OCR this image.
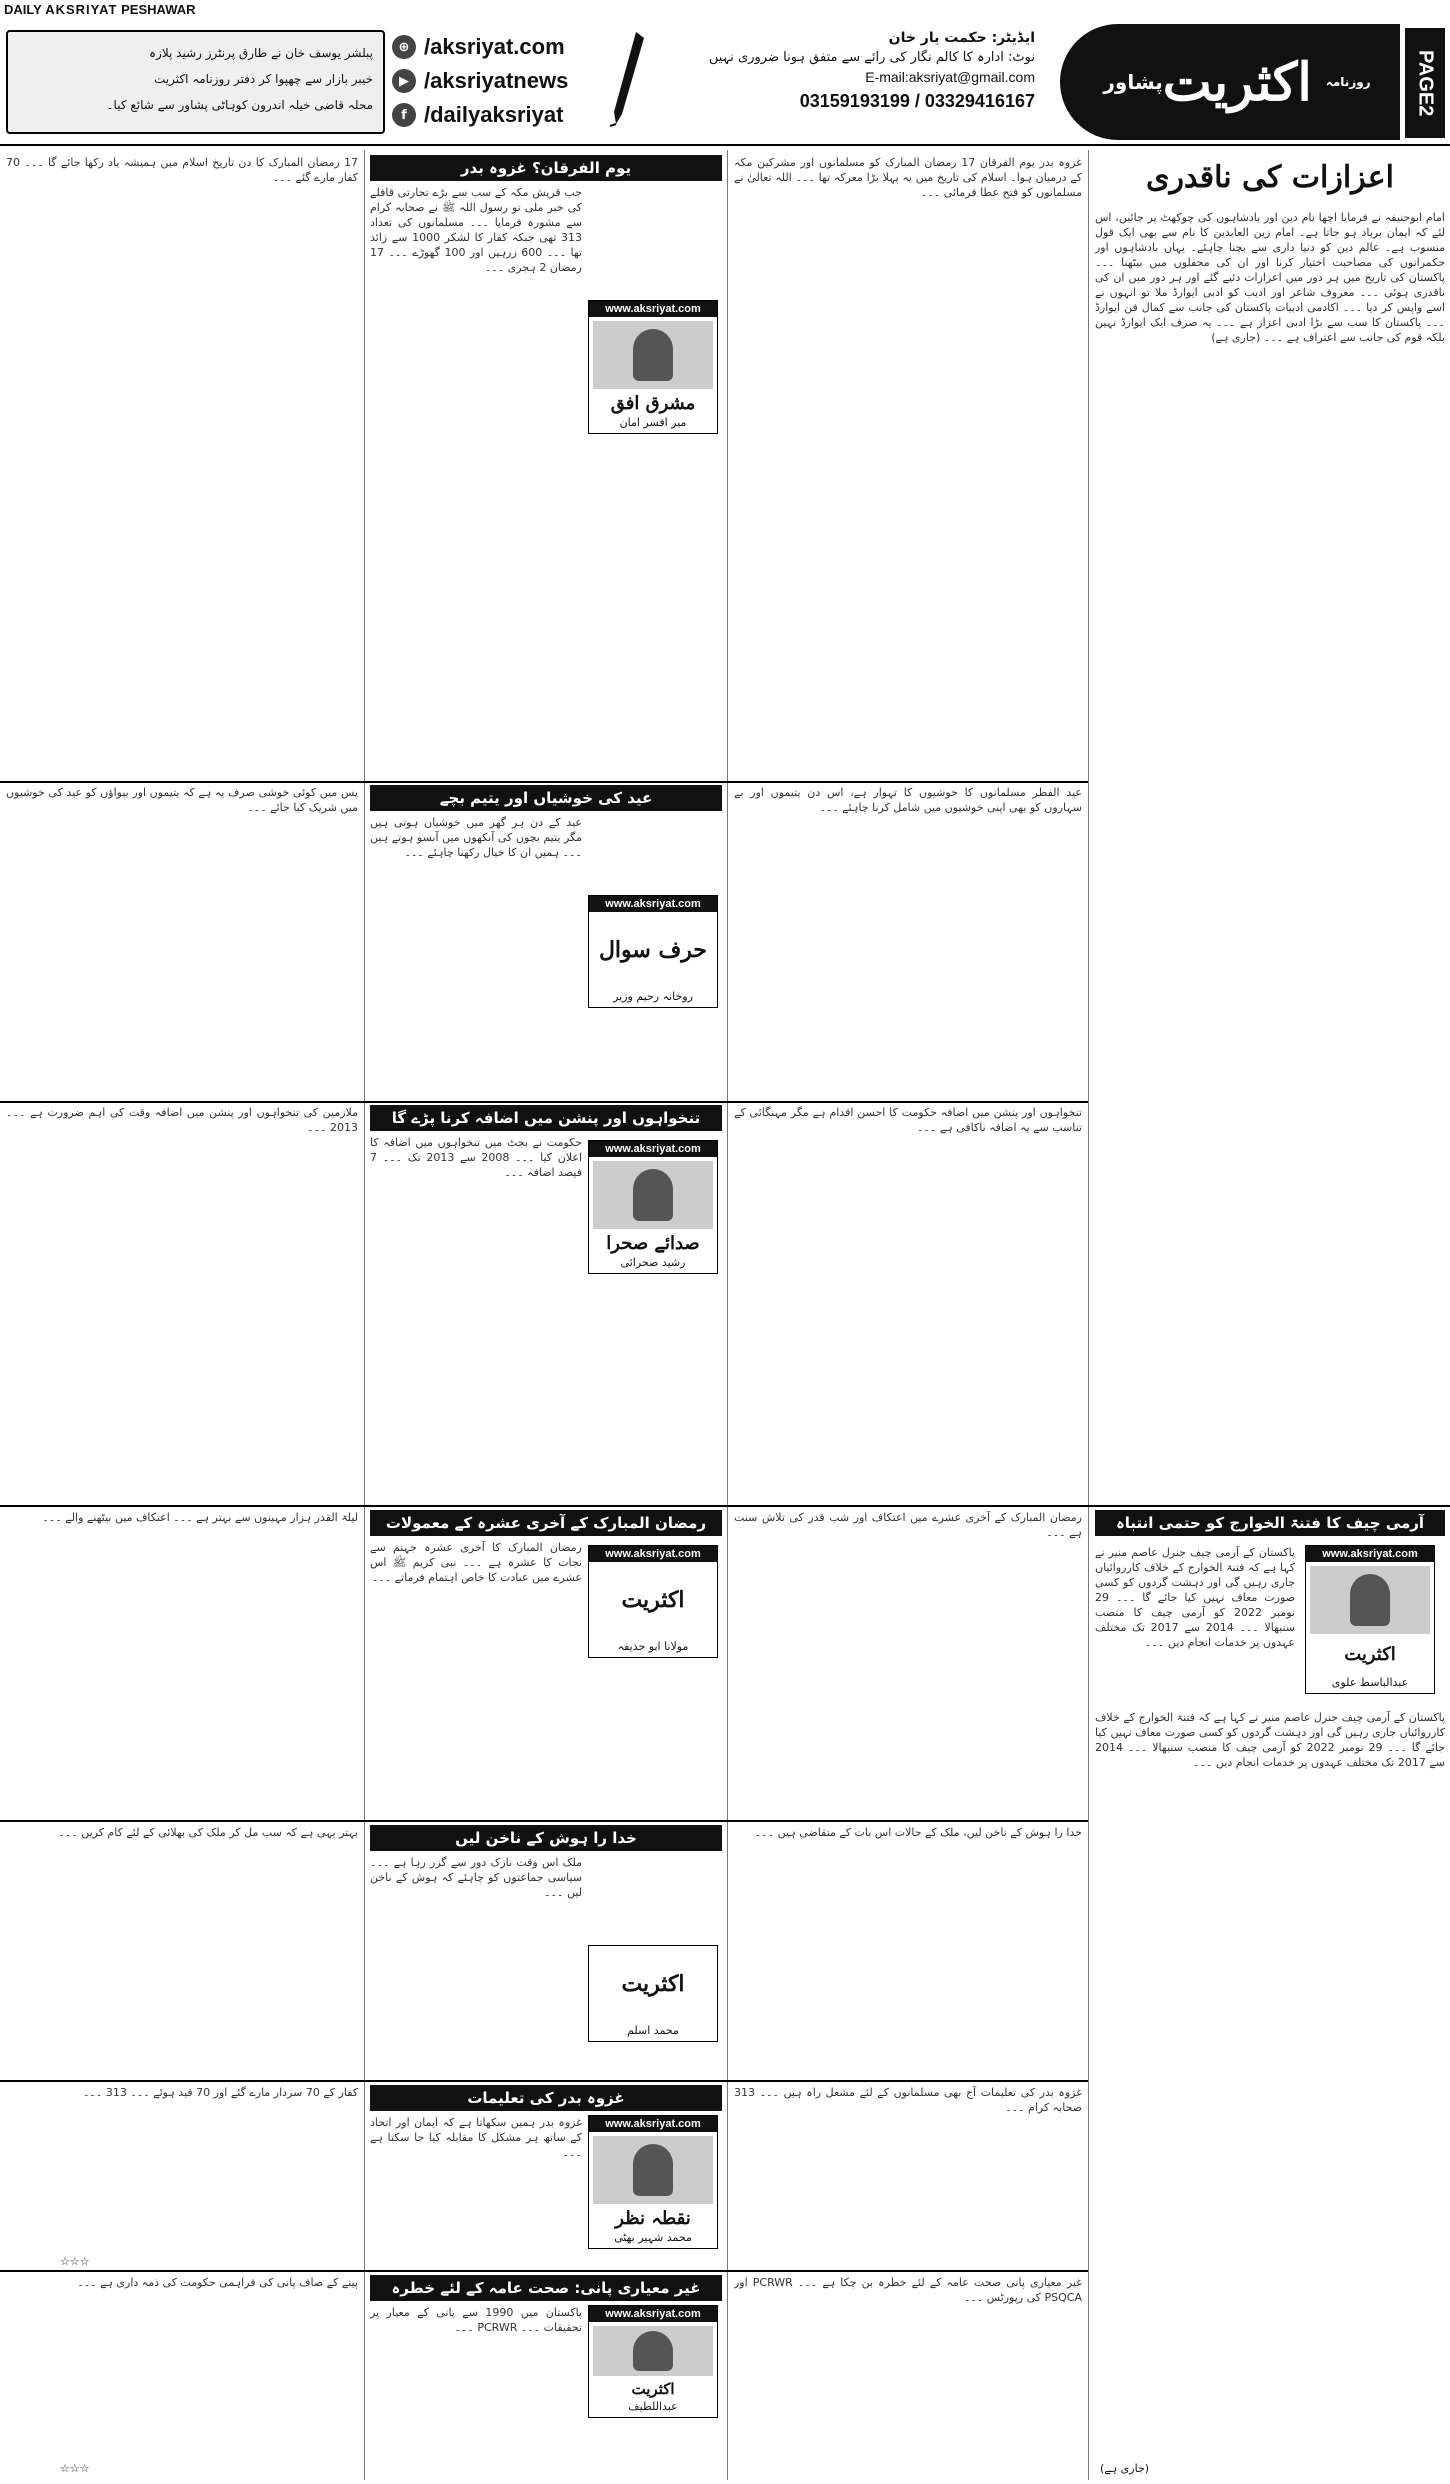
DAILY AKSRIYAT PESHAWAR
پبلشر یوسف خان نے طارق پرنٹرز رشید پلازہ
خیبر بازار سے چھپوا کر دفتر روزنامہ اکثریت
محلہ قاضی خیلہ اندرون کوہاٹی پشاور سے شائع کیا۔
⊕ /aksriyat.com
▶ /aksriyatnews
f /dailyaksriyat
ایڈیٹر: حکمت یار خان
نوٹ: ادارہ کا کالم نگار کی رائے سے متفق ہونا ضروری نہیں
E-mail:aksriyat@gmail.com
03159193199 / 03329416167
پشاور اکثریت روزنامہ	PAGE2
اعزازات کی ناقدری
امام ابوحنیفہ نے فرمایا اچھا نام دین اور بادشاہوں کی چوکھٹ پر جائیں، اس لئے کہ ایمان برباد ہو جاتا ہے۔ امام زین العابدین کا نام سے بھی ایک قول منسوب ہے۔ عالم دین کو دنیا داری سے بچنا چاہئے۔ یہاں بادشاہوں اور حکمرانوں کی مصاحبت اختیار کرنا اور ان کی محفلوں میں بیٹھنا ۔۔۔ پاکستان کی تاریخ میں ہر دور میں اعزازات دئیے گئے اور ہر دور میں ان کی ناقدری ہوئی ۔۔۔ معروف شاعر اور ادیب کو ادبی ایوارڈ ملا تو انہوں نے اسے واپس کر دیا ۔۔۔ اکادمی ادبیات پاکستان کی جانب سے کمال فن ایوارڈ ۔۔۔ پاکستان کا سب سے بڑا ادبی اعزاز ہے ۔۔۔ یہ صرف ایک ایوارڈ نہیں بلکہ قوم کی جانب سے اعتراف ہے ۔۔۔ (جاری ہے)
آرمی چیف کا فتنۃ الخوارج کو حتمی انتباہ
www.aksriyat.com
اکثریت
عبدالباسط علوی
پاکستان کے آرمی چیف جنرل عاصم منیر نے کہا ہے کہ فتنۃ الخوارج کے خلاف کارروائیاں جاری رہیں گی اور دہشت گردوں کو کسی صورت معاف نہیں کیا جائے گا ۔۔۔ 29 نومبر 2022 کو آرمی چیف کا منصب سنبھالا ۔۔۔ 2014 سے 2017 تک مختلف عہدوں پر خدمات انجام دیں ۔۔۔
پاکستان کے آرمی چیف جنرل عاصم منیر نے کہا ہے کہ فتنۃ الخوارج کے خلاف کارروائیاں جاری رہیں گی اور دہشت گردوں کو کسی صورت معاف نہیں کیا جائے گا ۔۔۔ 29 نومبر 2022 کو آرمی چیف کا منصب سنبھالا ۔۔۔ 2014 سے 2017 تک مختلف عہدوں پر خدمات انجام دیں ۔۔۔
(جاری ہے)
غزوہ بدر یوم الفرقان 17 رمضان المبارک کو مسلمانوں اور مشرکین مکہ کے درمیان ہوا۔ اسلام کی تاریخ میں یہ پہلا بڑا معرکہ تھا ۔۔۔ اللہ تعالیٰ نے مسلمانوں کو فتح عطا فرمائی ۔۔۔
عید الفطر مسلمانوں کا خوشیوں کا تہوار ہے، اس دن یتیموں اور بے سہاروں کو بھی اپنی خوشیوں میں شامل کرنا چاہئے ۔۔۔
تنخواہوں اور پنشن میں اضافہ حکومت کا احسن اقدام ہے مگر مہنگائی کے تناسب سے یہ اضافہ ناکافی ہے ۔۔۔
رمضان المبارک کے آخری عشرے میں اعتکاف اور شب قدر کی تلاش سنت ہے ۔۔۔
خدا را ہوش کے ناخن لیں، ملک کے حالات اس بات کے متقاضی ہیں ۔۔۔
غزوہ بدر کی تعلیمات آج بھی مسلمانوں کے لئے مشعل راہ ہیں ۔۔۔ 313 صحابہ کرام ۔۔۔
غیر معیاری پانی صحت عامہ کے لئے خطرہ بن چکا ہے ۔۔۔ PCRWR اور PSQCA کی رپورٹس ۔۔۔
یوم الفرقان؟ غزوہ بدر
www.aksriyat.com
مشرق افق
میر افسر امان
جب قریش مکہ کے سب سے بڑے تجارتی قافلے کی خبر ملی تو رسول اللہ ﷺ نے صحابہ کرام سے مشورہ فرمایا ۔۔۔ مسلمانوں کی تعداد 313 تھی جبکہ کفار کا لشکر 1000 سے زائد تھا ۔۔۔ 600 زرہیں اور 100 گھوڑے ۔۔۔ 17 رمضان 2 ہجری ۔۔۔
عید کی خوشیاں اور یتیم بچے
www.aksriyat.com
حرف سوال
روخانہ رحیم وزیر
عید کے دن ہر گھر میں خوشیاں ہوتی ہیں مگر یتیم بچوں کی آنکھوں میں آنسو ہوتے ہیں ۔۔۔ ہمیں ان کا خیال رکھنا چاہئے ۔۔۔
تنخواہوں اور پنشن میں اضافہ کرنا پڑے گا
www.aksriyat.com
صدائے صحرا
رشید صحرائی
حکومت نے بجٹ میں تنخواہوں میں اضافہ کا اعلان کیا ۔۔۔ 2008 سے 2013 تک ۔۔۔ 7 فیصد اضافہ ۔۔۔
رمضان المبارک کے آخری عشرہ کے معمولات
www.aksriyat.com
اکثریت
مولانا ابو حذیفہ
رمضان المبارک کا آخری عشرہ جہنم سے نجات کا عشرہ ہے ۔۔۔ نبی کریم ﷺ اس عشرے میں عبادت کا خاص اہتمام فرماتے ۔۔۔
خدا را ہوش کے ناخن لیں
اکثریت
محمد اسلم
ملک اس وقت نازک دور سے گزر رہا ہے ۔۔۔ سیاسی جماعتوں کو چاہئے کہ ہوش کے ناخن لیں ۔۔۔
غزوہ بدر کی تعلیمات
www.aksriyat.com
نقطہ نظر
محمد شہیر بھٹی
غزوہ بدر ہمیں سکھاتا ہے کہ ایمان اور اتحاد کے ساتھ ہر مشکل کا مقابلہ کیا جا سکتا ہے ۔۔۔
غیر معیاری پانی: صحت عامہ کے لئے خطرہ
www.aksriyat.com
اکثریت
عبداللطیف
پاکستان میں 1990 سے پانی کے معیار پر تحقیقات ۔۔۔ PCRWR ۔۔۔
17 رمضان المبارک کا دن تاریخ اسلام میں ہمیشہ یاد رکھا جائے گا ۔۔۔ 70 کفار مارے گئے ۔۔۔
پس میں کوئی خوشی صرف یہ ہے کہ یتیموں اور بیواؤں کو عید کی خوشیوں میں شریک کیا جائے ۔۔۔
ملازمین کی تنخواہوں اور پنشن میں اضافہ وقت کی اہم ضرورت ہے ۔۔۔ 2013 ۔۔۔
لیلۃ القدر ہزار مہینوں سے بہتر ہے ۔۔۔ اعتکاف میں بیٹھنے والے ۔۔۔
بہتر یہی ہے کہ سب مل کر ملک کی بھلائی کے لئے کام کریں ۔۔۔
کفار کے 70 سردار مارے گئے اور 70 قید ہوئے ۔۔۔ 313 ۔۔۔
☆☆☆
پینے کے صاف پانی کی فراہمی حکومت کی ذمہ داری ہے ۔۔۔
☆☆☆
